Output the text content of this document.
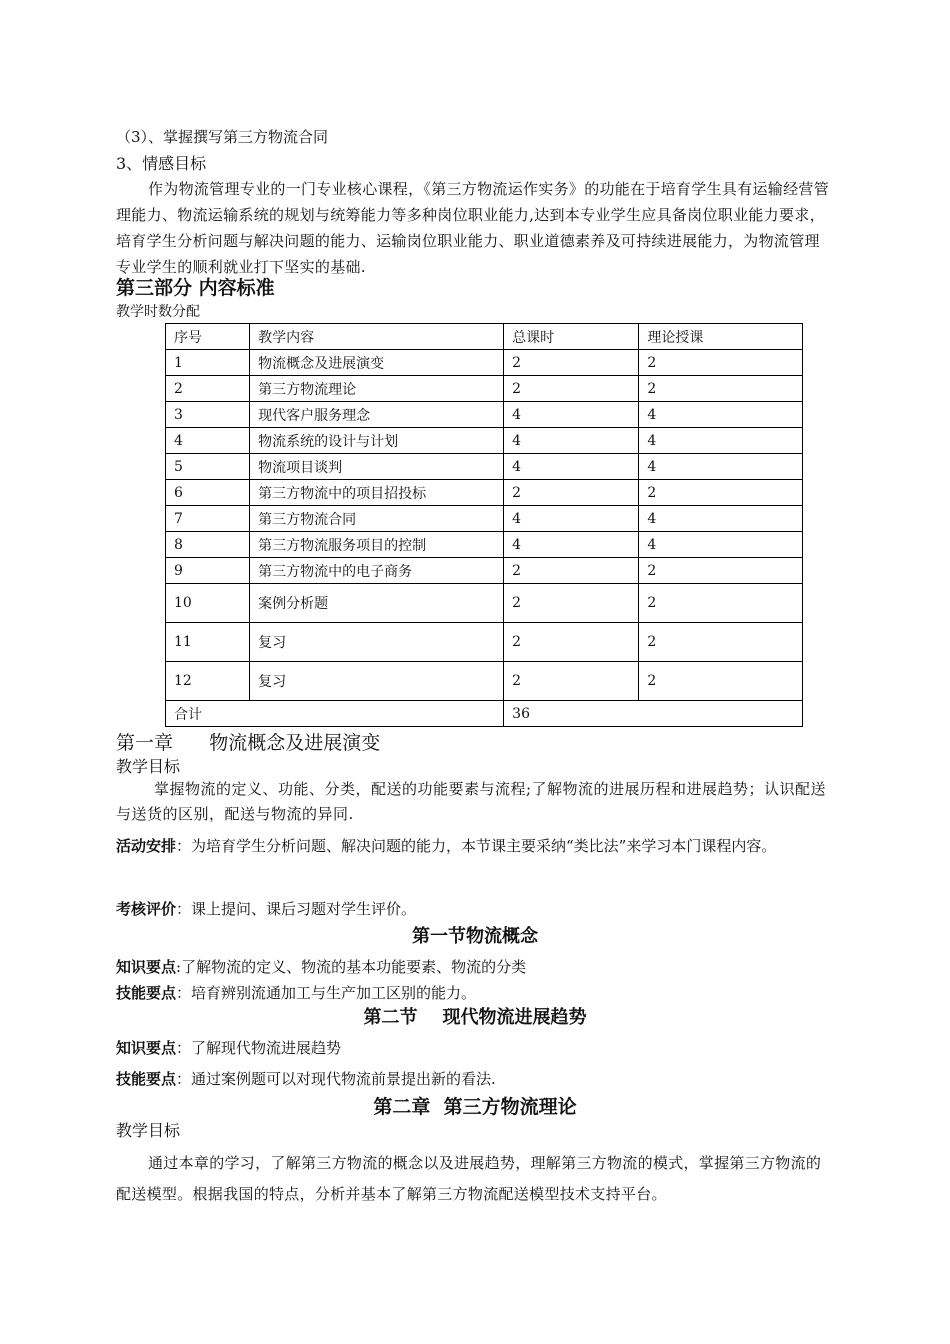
（3）、掌握撰写第三方物流合同
3、情感目标
作为物流管理专业的一门专业核心课程，《第三方物流运作实务》的功能在于培育学生具有运输经营管理能力、物流运输系统的规划与统筹能力等多种岗位职业能力,达到本专业学生应具备岗位职业能力要求，培育学生分析问题与解决问题的能力、运输岗位职业能力、职业道德素养及可持续进展能力，为物流管理专业学生的顺利就业打下坚实的基础.
第三部分 内容标准
教学时数分配
序号	教学内容	总课时	理论授课
1	物流概念及进展演变	2	2
2	第三方物流理论	2	2
3	现代客户服务理念	4	4
4	物流系统的设计与计划	4	4
5	物流项目谈判	4	4
6	第三方物流中的项目招投标	2	2
7	第三方物流合同	4	4
8	第三方物流服务项目的控制	4	4
9	第三方物流中的电子商务	2	2
10	案例分析题	2	2
11	复习	2	2
12	复习	2	2
合计		36	
第一章      物流概念及进展演变
教学目标
掌握物流的定义、功能、分类，配送的功能要素与流程;了解物流的进展历程和进展趋势；认识配送与送货的区别，配送与物流的异同.
活动安排：为培育学生分析问题、解决问题的能力，本节课主要采纳“类比法”来学习本门课程内容。
考核评价：课上提问、课后习题对学生评价。
第一节物流概念
知识要点:了解物流的定义、物流的基本功能要素、物流的分类
技能要点：培育辨别流通加工与生产加工区别的能力。
第二节    现代物流进展趋势
知识要点：了解现代物流进展趋势
技能要点：通过案例题可以对现代物流前景提出新的看法.
第二章  第三方物流理论
教学目标
通过本章的学习，了解第三方物流的概念以及进展趋势，理解第三方物流的模式，掌握第三方物流的配送模型。根据我国的特点，分析并基本了解第三方物流配送模型技术支持平台。
